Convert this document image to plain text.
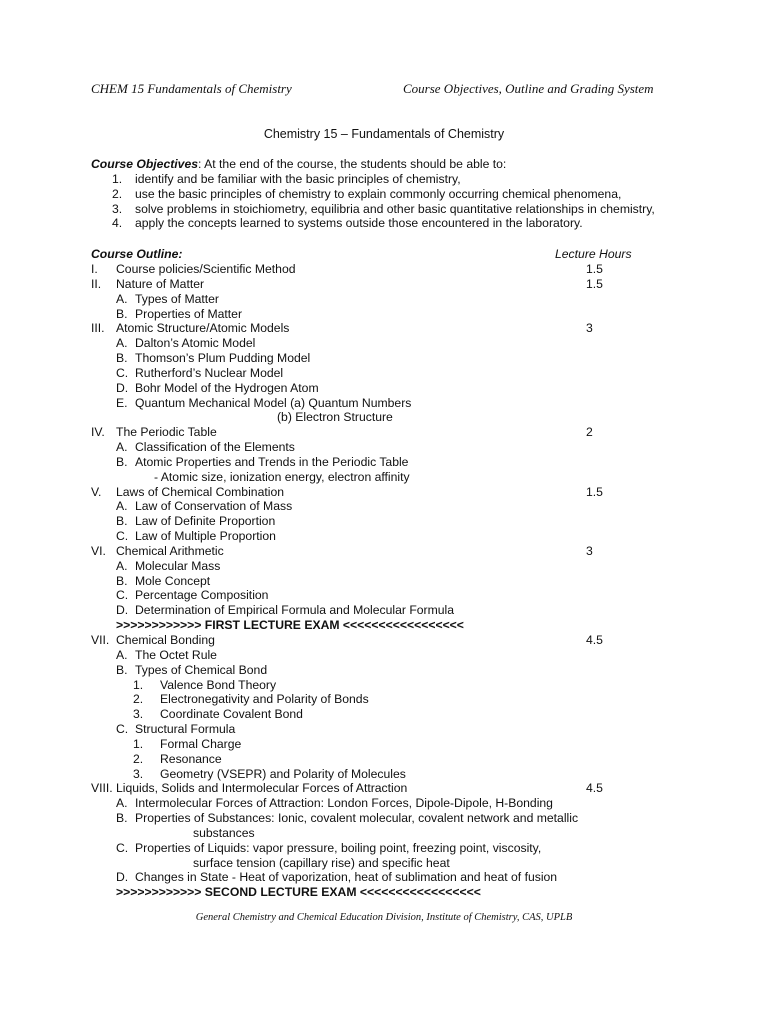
CHEM 15 Fundamentals of Chemistry	Course Objectives, Outline and Grading System
Chemistry 15 – Fundamentals of Chemistry
Course Objectives: At the end of the course, the students should be able to:
1. identify and be familiar with the basic principles of chemistry,
2. use the basic principles of chemistry to explain commonly occurring chemical phenomena,
3. solve problems in stoichiometry, equilibria and other basic quantitative relationships in chemistry,
4. apply the concepts learned to systems outside those encountered in the laboratory.
Course Outline:	Lecture Hours
I. Course policies/Scientific Method	1.5
II. Nature of Matter	1.5
A. Types of Matter
B. Properties of Matter
III. Atomic Structure/Atomic Models	3
A. Dalton’s Atomic Model
B. Thomson’s Plum Pudding Model
C. Rutherford’s Nuclear Model
D. Bohr Model of the Hydrogen Atom
E. Quantum Mechanical Model (a) Quantum Numbers
(b) Electron Structure
IV. The Periodic Table	2
A. Classification of the Elements
B. Atomic Properties and Trends in the Periodic Table
- Atomic size, ionization energy, electron affinity
V. Laws of Chemical Combination	1.5
A. Law of Conservation of Mass
B. Law of Definite Proportion
C. Law of Multiple Proportion
VI. Chemical Arithmetic	3
A. Molecular Mass
B. Mole Concept
C. Percentage Composition
D. Determination of Empirical Formula and Molecular Formula
>>>>>>>>>>>> FIRST LECTURE EXAM <<<<<<<<<<<<<<<<<
VII. Chemical Bonding	4.5
A. The Octet Rule
B. Types of Chemical Bond
1. Valence Bond Theory
2. Electronegativity and Polarity of Bonds
3. Coordinate Covalent Bond
C. Structural Formula
1. Formal Charge
2. Resonance
3. Geometry (VSEPR) and Polarity of Molecules
VIII. Liquids, Solids and Intermolecular Forces of Attraction	4.5
A. Intermolecular Forces of Attraction: London Forces, Dipole-Dipole, H-Bonding
B. Properties of Substances: Ionic, covalent molecular, covalent network and metallic
substances
C. Properties of Liquids: vapor pressure, boiling point, freezing point, viscosity,
surface tension (capillary rise) and specific heat
D. Changes in State - Heat of vaporization, heat of sublimation and heat of fusion
>>>>>>>>>>>> SECOND LECTURE EXAM <<<<<<<<<<<<<<<<<
General Chemistry and Chemical Education Division, Institute of Chemistry, CAS, UPLB
